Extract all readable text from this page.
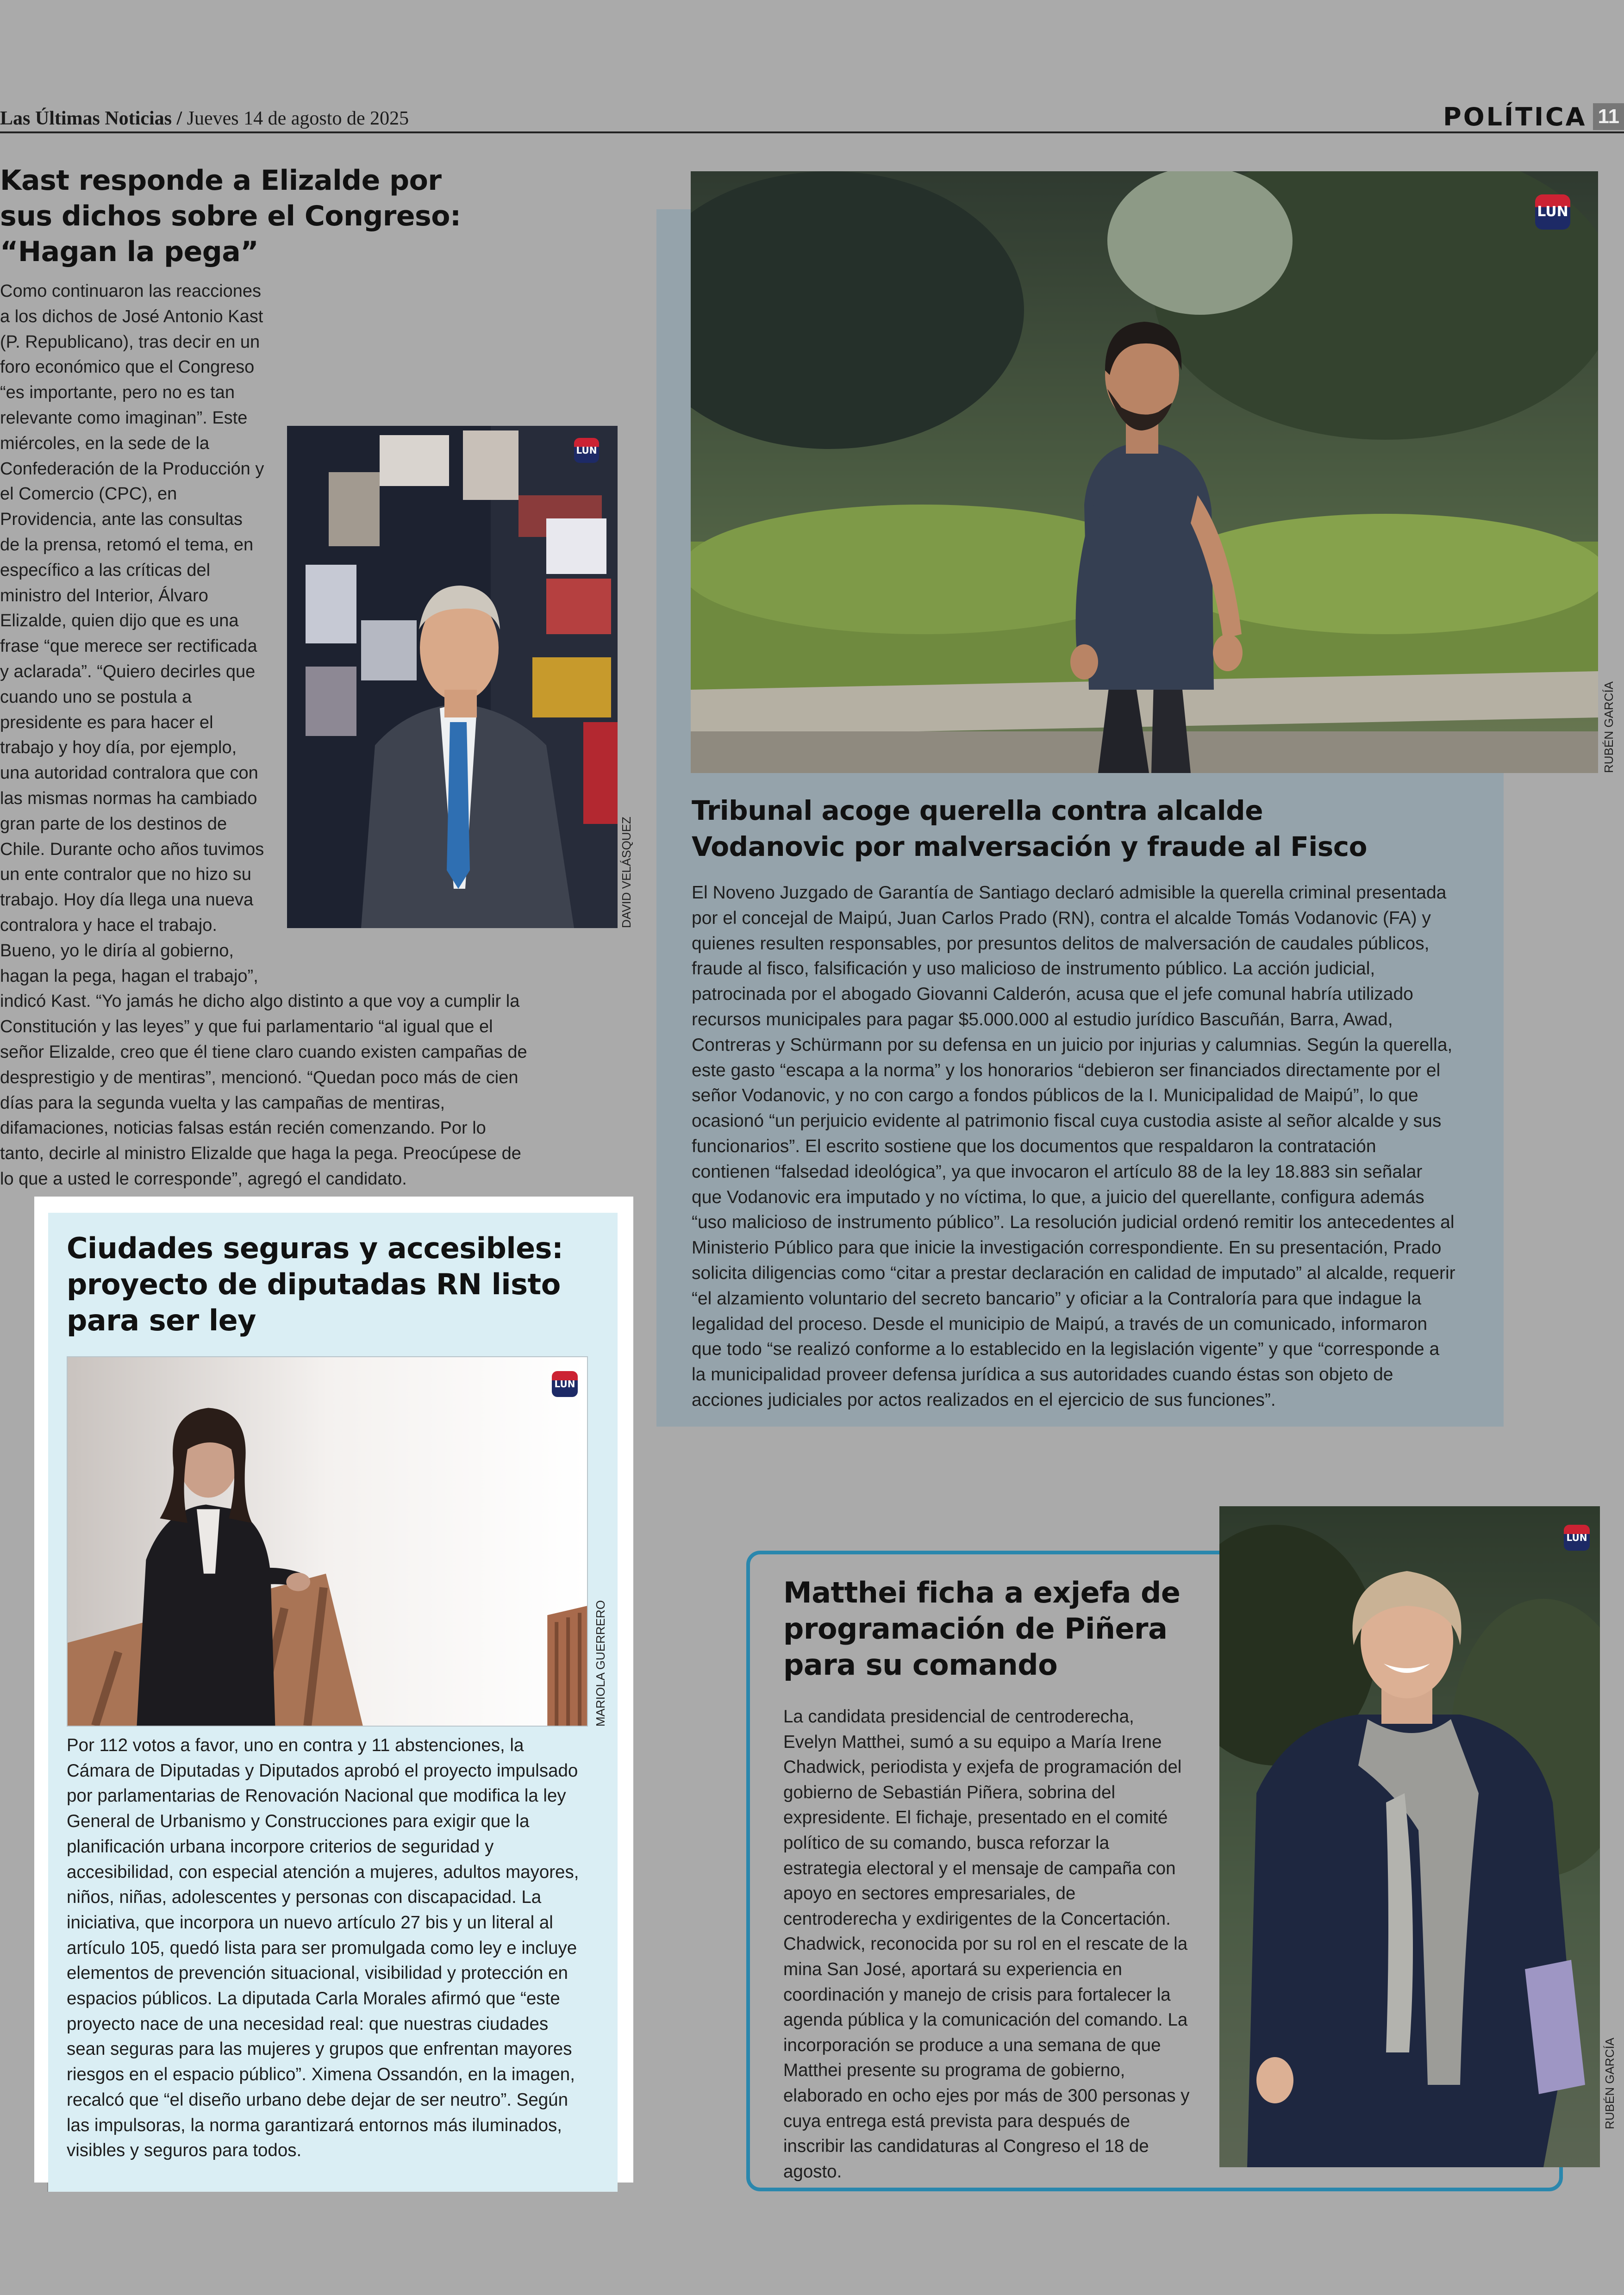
Las Últimas Noticias / Jueves 14 de agosto de 2025	POLÍTICA 11
Kast responde a Elizalde por
sus dichos sobre el Congreso:
“Hagan la pega”
Como continuaron las reacciones a los dichos de José Antonio Kast (P. Republicano), tras decir en un foro económico que el Congreso “es importante, pero no es tan relevante como imaginan”. Este miércoles, en la sede de la Confederación de la Producción y el Comercio (CPC), en Providencia, ante las consultas de la prensa, retomó el tema, en específico a las críticas del ministro del Interior, Álvaro Elizalde, quien dijo que es una frase “que merece ser rectificada y aclarada”. “Quiero decirles que cuando uno se postula a presidente es para hacer el trabajo y hoy día, por ejemplo, una autoridad contralora que con las mismas normas ha cambiado gran parte de los destinos de Chile. Durante ocho años tuvimos un ente contralor que no hizo su trabajo. Hoy día llega una nueva contralora y hace el trabajo. Bueno, yo le diría al gobierno, hagan la pega, hagan el trabajo”, indicó Kast. “Yo jamás he dicho algo distinto a que voy a cumplir la Constitución y las leyes” y que fui parlamentario “al igual que el señor Elizalde, creo que él tiene claro cuando existen campañas de desprestigio y de mentiras”, mencionó. “Quedan poco más de cien días para la segunda vuelta y las campañas de mentiras, difamaciones, noticias falsas están recién comenzando. Por lo tanto, decirle al ministro Elizalde que haga la pega. Preocúpese de lo que a usted le corresponde”, agregó el candidato.
LUN
DAVID VELÁSQUEZ
LUN
RUBÉN GARCÍA
Tribunal acoge querella contra alcalde
Vodanovic por malversación y fraude al Fisco
El Noveno Juzgado de Garantía de Santiago declaró admisible la querella criminal presentada por el concejal de Maipú, Juan Carlos Prado (RN), contra el alcalde Tomás Vodanovic (FA) y quienes resulten responsables, por presuntos delitos de malversación de caudales públicos, fraude al fisco, falsificación y uso malicioso de instrumento público. La acción judicial, patrocinada por el abogado Giovanni Calderón, acusa que el jefe comunal habría utilizado recursos municipales para pagar $5.000.000 al estudio jurídico Bascuñán, Barra, Awad, Contreras y Schürmann por su defensa en un juicio por injurias y calumnias. Según la querella, este gasto “escapa a la norma” y los honorarios “debieron ser financiados directamente por el señor Vodanovic, y no con cargo a fondos públicos de la I. Municipalidad de Maipú”, lo que ocasionó “un perjuicio evidente al patrimonio fiscal cuya custodia asiste al señor alcalde y sus funcionarios”. El escrito sostiene que los documentos que respaldaron la contratación contienen “falsedad ideológica”, ya que invocaron el artículo 88 de la ley 18.883 sin señalar que Vodanovic era imputado y no víctima, lo que, a juicio del querellante, configura además “uso malicioso de instrumento público”. La resolución judicial ordenó remitir los antecedentes al Ministerio Público para que inicie la investigación correspondiente. En su presentación, Prado solicita diligencias como “citar a prestar declaración en calidad de imputado” al alcalde, requerir “el alzamiento voluntario del secreto bancario” y oficiar a la Contraloría para que indague la legalidad del proceso. Desde el municipio de Maipú, a través de un comunicado, informaron que todo “se realizó conforme a lo establecido en la legislación vigente” y que “corresponde a la municipalidad proveer defensa jurídica a sus autoridades cuando éstas son objeto de acciones judiciales por actos realizados en el ejercicio de sus funciones”.
Ciudades seguras y accesibles:
proyecto de diputadas RN listo
para ser ley
LUN
MARIOLA GUERRERO
Por 112 votos a favor, uno en contra y 11 abstenciones, la Cámara de Diputadas y Diputados aprobó el proyecto impulsado por parlamentarias de Renovación Nacional que modifica la ley General de Urbanismo y Construcciones para exigir que la planificación urbana incorpore criterios de seguridad y accesibilidad, con especial atención a mujeres, adultos mayores, niños, niñas, adolescentes y personas con discapacidad. La iniciativa, que incorpora un nuevo artículo 27 bis y un literal al artículo 105, quedó lista para ser promulgada como ley e incluye elementos de prevención situacional, visibilidad y protección en espacios públicos. La diputada Carla Morales afirmó que “este proyecto nace de una necesidad real: que nuestras ciudades sean seguras para las mujeres y grupos que enfrentan mayores riesgos en el espacio público”. Ximena Ossandón, en la imagen, recalcó que “el diseño urbano debe dejar de ser neutro”. Según las impulsoras, la norma garantizará entornos más iluminados, visibles y seguros para todos.
LUN
RUBÉN GARCÍA
Matthei ficha a exjefa de
programación de Piñera
para su comando
La candidata presidencial de centroderecha, Evelyn Matthei, sumó a su equipo a María Irene Chadwick, periodista y exjefa de programación del gobierno de Sebastián Piñera, sobrina del expresidente. El fichaje, presentado en el comité político de su comando, busca reforzar la estrategia electoral y el mensaje de campaña con apoyo en sectores empresariales, de centroderecha y exdirigentes de la Concertación. Chadwick, reconocida por su rol en el rescate de la mina San José, aportará su experiencia en coordinación y manejo de crisis para fortalecer la agenda pública y la comunicación del comando. La incorporación se produce a una semana de que Matthei presente su programa de gobierno, elaborado en ocho ejes por más de 300 personas y cuya entrega está prevista para después de inscribir las candidaturas al Congreso el 18 de agosto.
